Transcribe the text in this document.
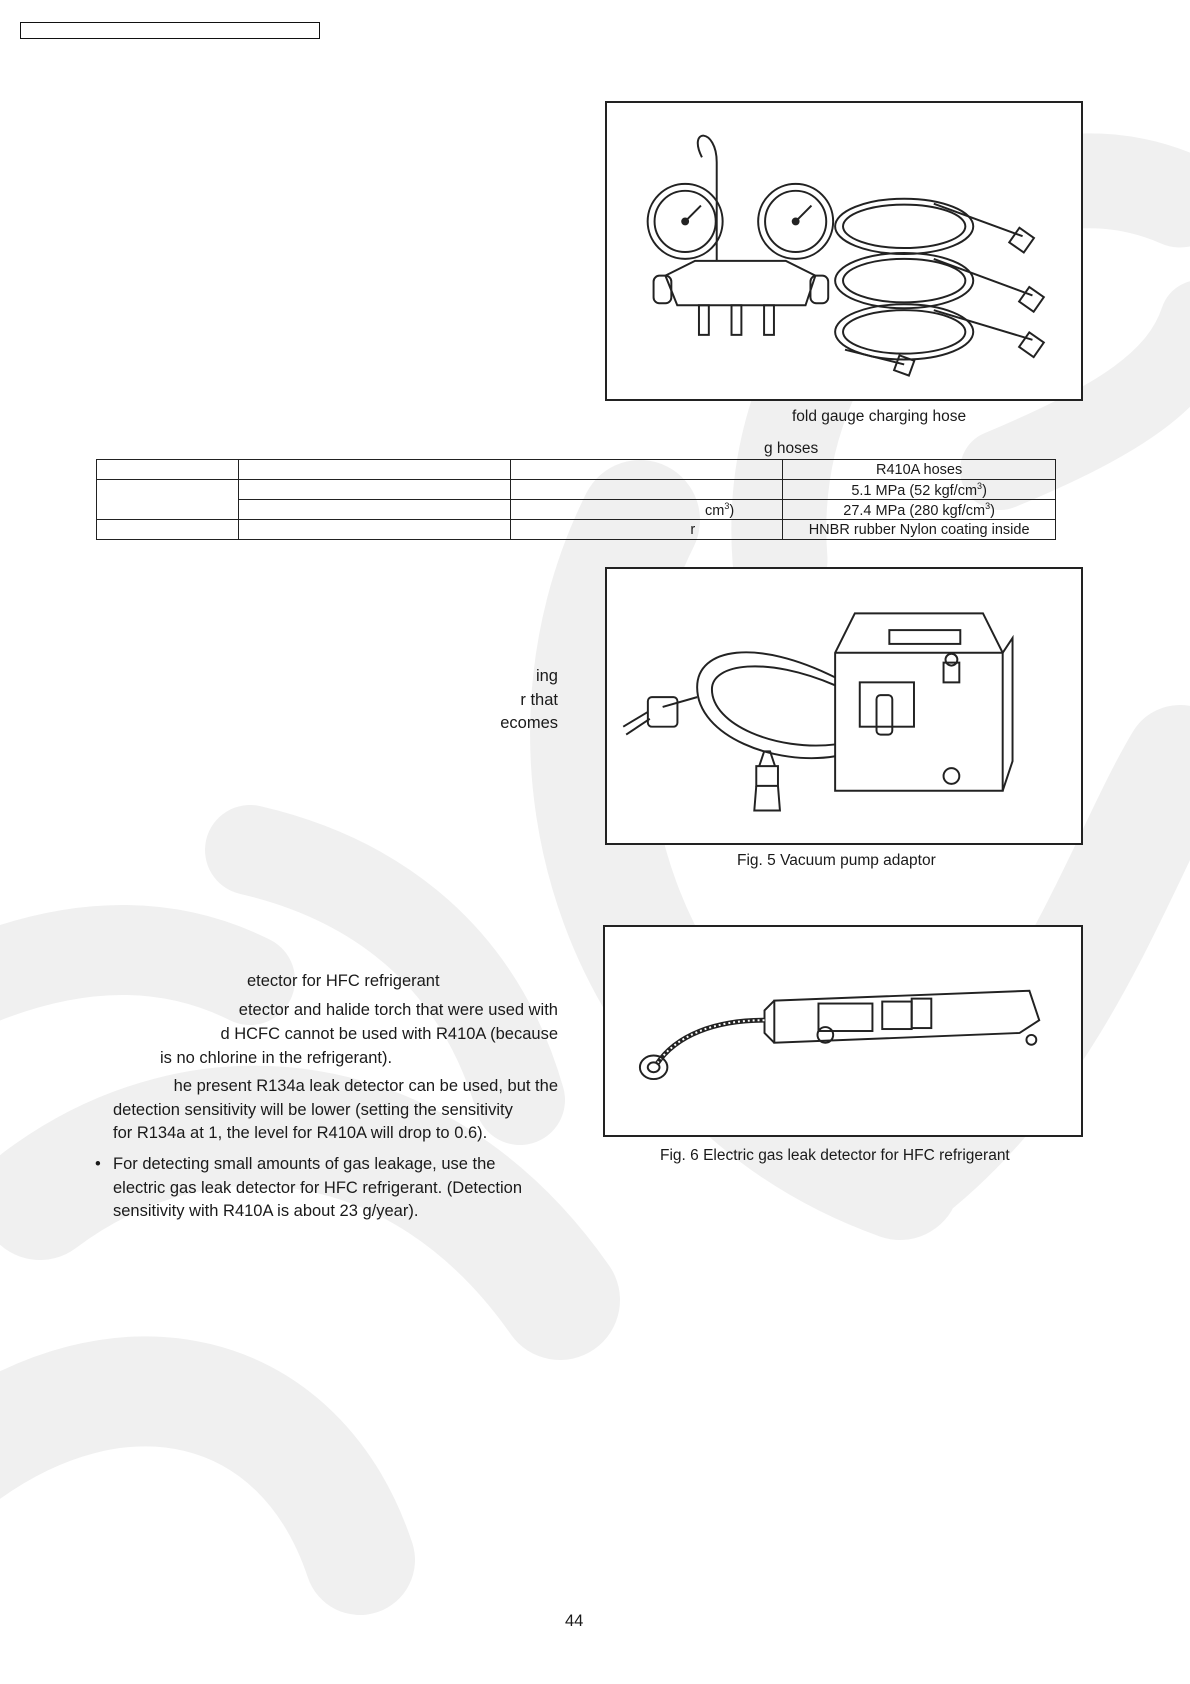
fold gauge charging hose
g hoses
			R410A hoses
			5.1 MPa (52 kgf/$cm^3$)
		$cm^3$)	27.4 MPa (280 kgf/$cm^3$)
		r	HNBR rubber Nylon coating inside

ing

r that

ecomes

Fig. 5 Vacuum pump adaptor
etector for HFC refrigerant

etector and halide torch that were used with

d HCFC cannot be used with R410A (because

is no chlorine in the refrigerant).

he present R134a leak detector can be used, but the

detection sensitivity will be lower (setting the sensitivity

for R134a at 1, the level for R410A will drop to 0.6).

• For detecting small amounts of gas leakage, use the

electric gas leak detector for HFC refrigerant. (Detection

sensitivity with R410A is about 23 g/year).

Fig. 6 Electric gas leak detector for HFC refrigerant
44
